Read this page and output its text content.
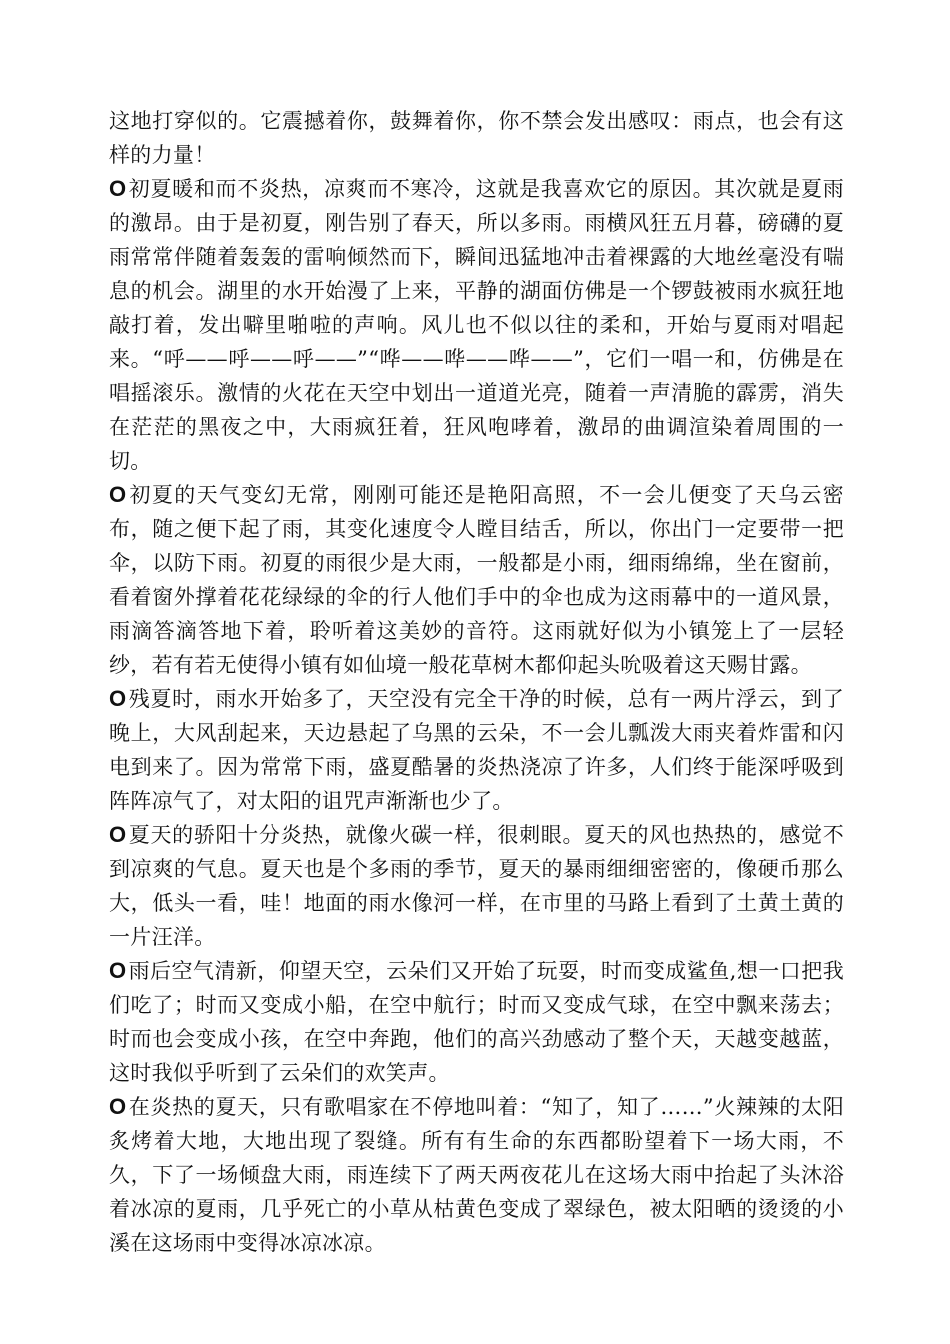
这地打穿似的。它震撼着你，鼓舞着你，你不禁会发出感叹：雨点，也会有这样的力量！

O初夏暖和而不炎热，凉爽而不寒冷，这就是我喜欢它的原因。其次就是夏雨的激昂。由于是初夏，刚告别了春天，所以多雨。雨横风狂五月暮，磅礴的夏雨常常伴随着轰轰的雷响倾然而下，瞬间迅猛地冲击着裸露的大地丝毫没有喘息的机会。湖里的水开始漫了上来，平静的湖面仿佛是一个锣鼓被雨水疯狂地敲打着，发出噼里啪啦的声响。风儿也不似以往的柔和，开始与夏雨对唱起来。“呼——呼——呼——”“哗——哗——哗——”，它们一唱一和，仿佛是在唱摇滚乐。激情的火花在天空中划出一道道光亮，随着一声清脆的霹雳，消失在茫茫的黑夜之中，大雨疯狂着，狂风咆哮着，激昂的曲调渲染着周围的一切。

O初夏的天气变幻无常，刚刚可能还是艳阳高照，不一会儿便变了天乌云密布，随之便下起了雨，其变化速度令人瞠目结舌，所以，你出门一定要带一把伞，以防下雨。初夏的雨很少是大雨，一般都是小雨，细雨绵绵，坐在窗前，看着窗外撑着花花绿绿的伞的行人他们手中的伞也成为这雨幕中的一道风景，雨滴答滴答地下着，聆听着这美妙的音符。这雨就好似为小镇笼上了一层轻纱，若有若无使得小镇有如仙境一般花草树木都仰起头吮吸着这天赐甘露。

O残夏时，雨水开始多了，天空没有完全干净的时候，总有一两片浮云，到了晚上，大风刮起来，天边悬起了乌黑的云朵，不一会儿瓢泼大雨夹着炸雷和闪电到来了。因为常常下雨，盛夏酷暑的炎热浇凉了许多，人们终于能深呼吸到阵阵凉气了，对太阳的诅咒声渐渐也少了。

O夏天的骄阳十分炎热，就像火碳一样，很刺眼。夏天的风也热热的，感觉不到凉爽的气息。夏天也是个多雨的季节，夏天的暴雨细细密密的，像硬币那么大，低头一看，哇！地面的雨水像河一样，在市里的马路上看到了土黄土黄的一片汪洋。

O雨后空气清新，仰望天空，云朵们又开始了玩耍，时而变成鲨鱼,想一口把我们吃了；时而又变成小船，在空中航行；时而又变成气球，在空中飘来荡去；时而也会变成小孩，在空中奔跑，他们的高兴劲感动了整个天，天越变越蓝，这时我似乎听到了云朵们的欢笑声。

O在炎热的夏天，只有歌唱家在不停地叫着：“知了，知了……”火辣辣的太阳炙烤着大地，大地出现了裂缝。所有有生命的东西都盼望着下一场大雨，不久，下了一场倾盘大雨，雨连续下了两天两夜花儿在这场大雨中抬起了头沐浴着冰凉的夏雨，几乎死亡的小草从枯黄色变成了翠绿色，被太阳晒的烫烫的小溪在这场雨中变得冰凉冰凉。
